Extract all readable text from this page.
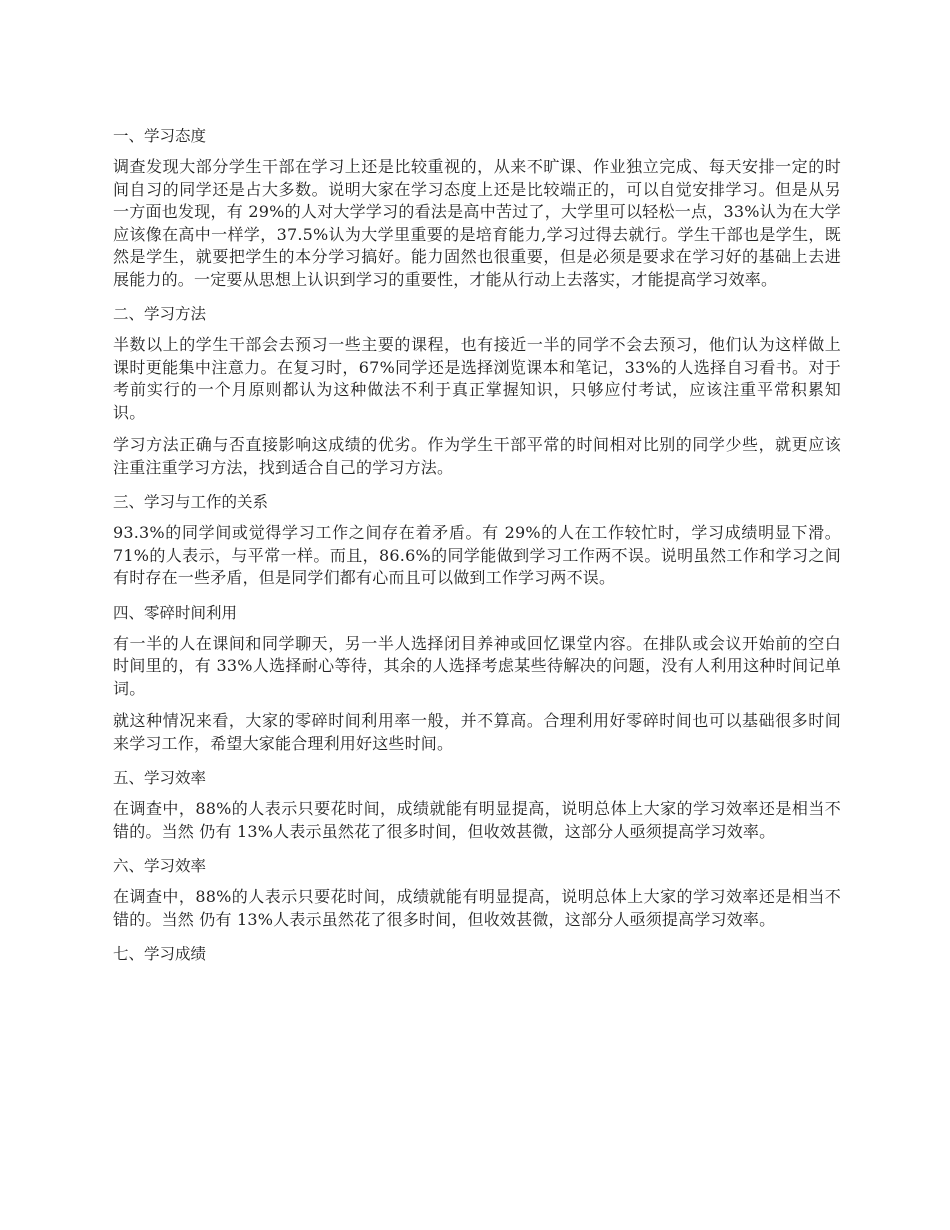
一、学习态度
调查发现大部分学生干部在学习上还是比较重视的，从来不旷课、作业独立完成、每天安排一定的时间自习的同学还是占大多数。说明大家在学习态度上还是比较端正的，可以自觉安排学习。但是从另一方面也发现，有 29%的人对大学学习的看法是高中苦过了，大学里可以轻松一点，33%认为在大学应该像在高中一样学，37.5%认为大学里重要的是培育能力,学习过得去就行。学生干部也是学生，既然是学生，就要把学生的本分学习搞好。能力固然也很重要，但是必须是要求在学习好的基础上去进展能力的。一定要从思想上认识到学习的重要性，才能从行动上去落实，才能提高学习效率。
二、学习方法
半数以上的学生干部会去预习一些主要的课程，也有接近一半的同学不会去预习，他们认为这样做上课时更能集中注意力。在复习时，67%同学还是选择浏览课本和笔记，33%的人选择自习看书。对于考前实行的一个月原则都认为这种做法不利于真正掌握知识，只够应付考试，应该注重平常积累知识。
学习方法正确与否直接影响这成绩的优劣。作为学生干部平常的时间相对比别的同学少些，就更应该注重注重学习方法，找到适合自己的学习方法。
三、学习与工作的关系
93.3%的同学间或觉得学习工作之间存在着矛盾。有 29%的人在工作较忙时，学习成绩明显下滑。71%的人表示，与平常一样。而且，86.6%的同学能做到学习工作两不误。说明虽然工作和学习之间有时存在一些矛盾，但是同学们都有心而且可以做到工作学习两不误。
四、零碎时间利用
有一半的人在课间和同学聊天，另一半人选择闭目养神或回忆课堂内容。在排队或会议开始前的空白时间里的，有 33%人选择耐心等待，其余的人选择考虑某些待解决的问题，没有人利用这种时间记单词。
就这种情况来看，大家的零碎时间利用率一般，并不算高。合理利用好零碎时间也可以基础很多时间来学习工作，希望大家能合理利用好这些时间。
五、学习效率
在调查中，88%的人表示只要花时间，成绩就能有明显提高，说明总体上大家的学习效率还是相当不错的。当然 仍有 13%人表示虽然花了很多时间，但收效甚微，这部分人亟须提高学习效率。
六、学习效率
在调查中，88%的人表示只要花时间，成绩就能有明显提高，说明总体上大家的学习效率还是相当不错的。当然 仍有 13%人表示虽然花了很多时间，但收效甚微，这部分人亟须提高学习效率。
七、学习成绩
